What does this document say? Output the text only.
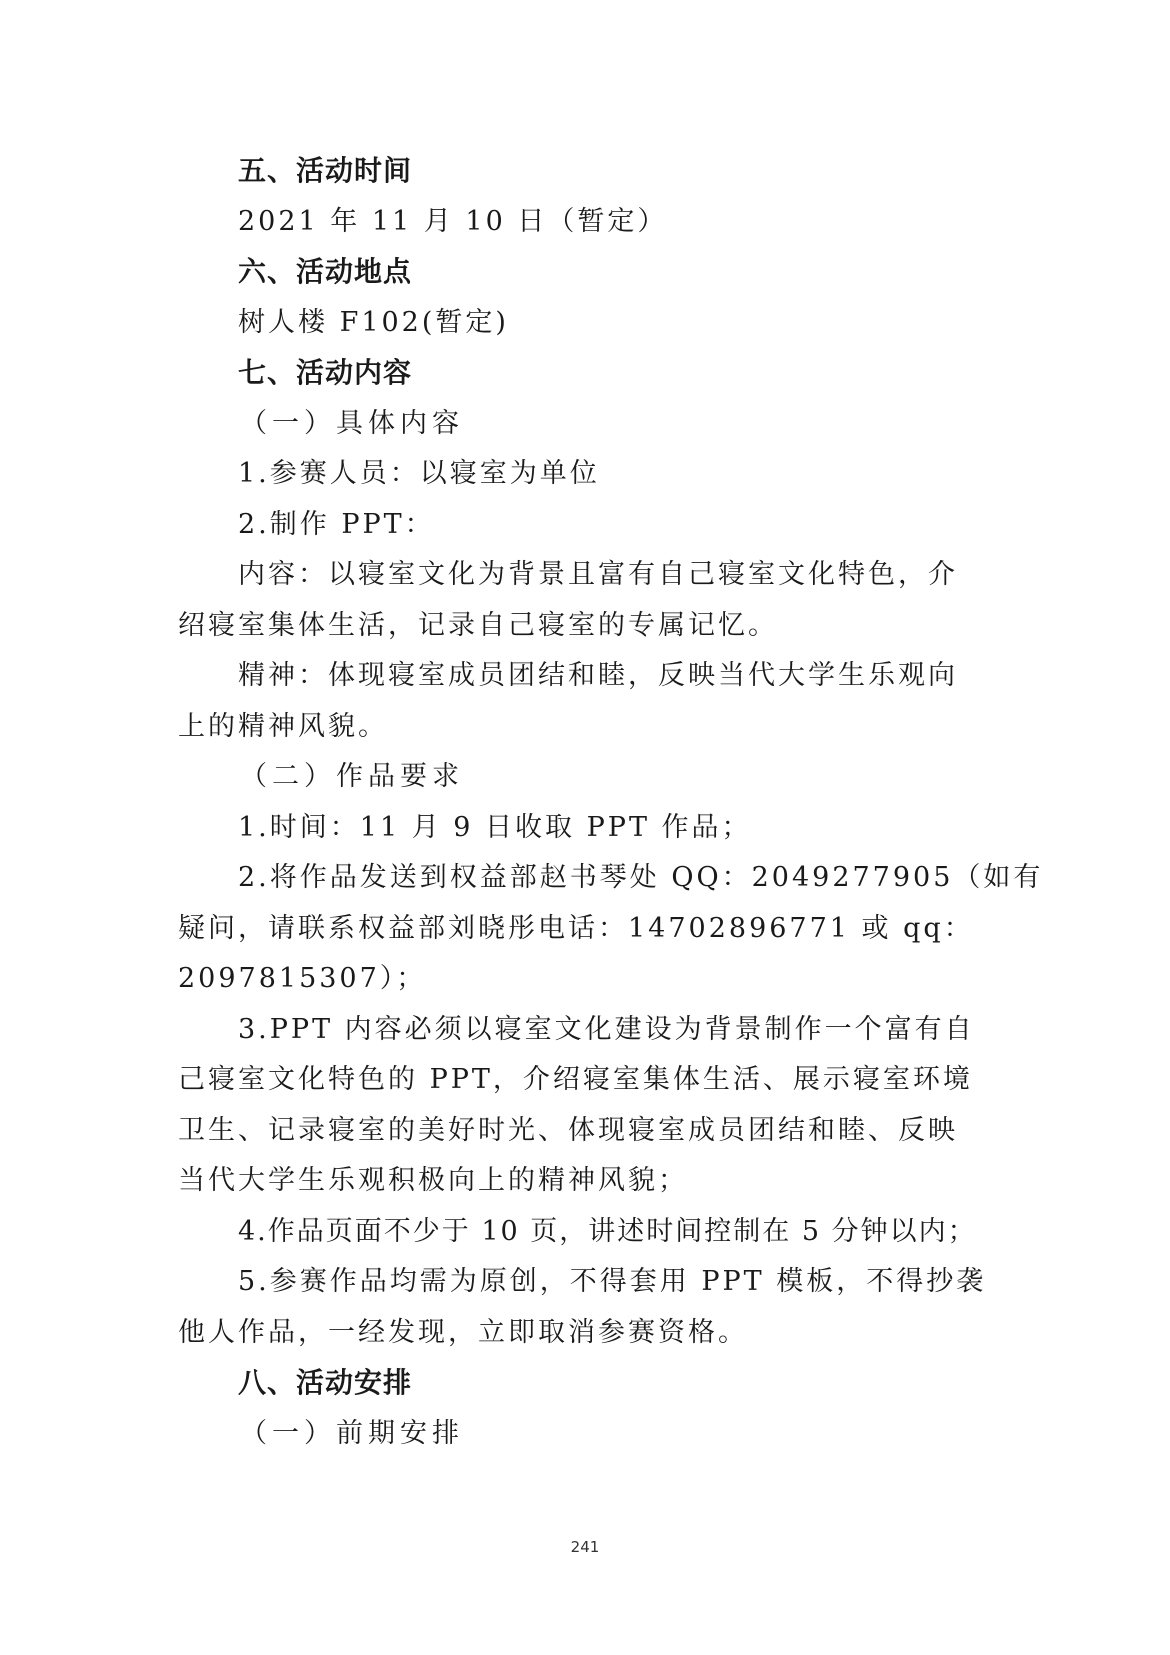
五、活动时间
2021 年 11 月 10 日（暂定）
六、活动地点
树人楼 F102(暂定)
七、活动内容
（一）具体内容
1.参赛人员：以寝室为单位
2.制作 PPT：
内容：以寝室文化为背景且富有自己寝室文化特色，介
绍寝室集体生活，记录自己寝室的专属记忆。
精神：体现寝室成员团结和睦，反映当代大学生乐观向
上的精神风貌。
（二）作品要求
1.时间：11 月 9 日收取 PPT 作品；
2.将作品发送到权益部赵书琴处 QQ：2049277905（如有
疑问，请联系权益部刘晓彤电话：14702896771 或 qq：
2097815307）；
3.PPT 内容必须以寝室文化建设为背景制作一个富有自
己寝室文化特色的 PPT，介绍寝室集体生活、展示寝室环境
卫生、记录寝室的美好时光、体现寝室成员团结和睦、反映
当代大学生乐观积极向上的精神风貌；
4.作品页面不少于 10 页，讲述时间控制在 5 分钟以内；
5.参赛作品均需为原创，不得套用 PPT 模板，不得抄袭
他人作品，一经发现，立即取消参赛资格。
八、活动安排
（一）前期安排
241
